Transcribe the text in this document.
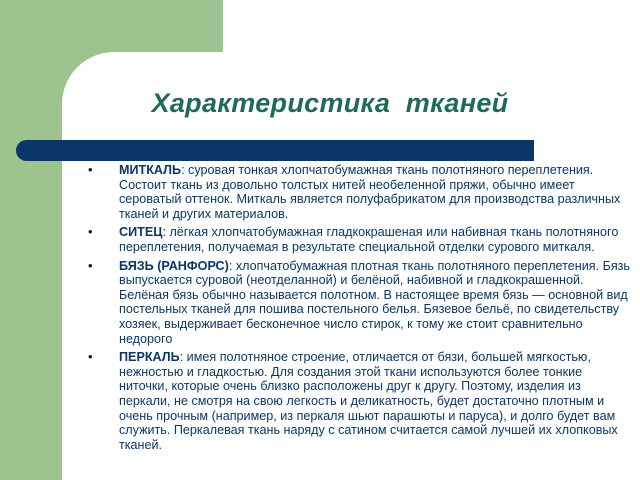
Характеристика  тканей
• МИТКАЛЬ: суровая тонкая хлопчатобумажная ткань полотняного переплетения. Состоит ткань из довольно толстых нитей необеленной пряжи, обычно имеет сероватый оттенок. Миткаль является полуфабрикатом для производства различных тканей и других материалов.
• СИТЕЦ: лёгкая хлопчатобумажная гладкокрашеная или набивная ткань полотняного переплетения, получаемая в результате специальной отделки сурового миткаля.
• БЯЗЬ (РАНФОРС): хлопчатобумажная плотная ткань полотняного переплетения. Бязь выпускается суровой (неотделанной) и белёной, набивной и гладкокрашенной. Белёная бязь обычно называется полотном. В настоящее время бязь — основной вид постельных тканей для пошива постельного белья. Бязевое бельё, по свидетельству хозяек, выдерживает бесконечное число стирок, к тому же стоит сравнительно недорого
• ПЕРКАЛЬ: имея полотняное строение, отличается от бязи, большей мягкостью, нежностью и гладкостью. Для создания этой ткани используются более тонкие ниточки, которые очень близко расположены друг к другу. Поэтому, изделия из перкали, не смотря на свою легкость и деликатность, будет достаточно плотным и очень прочным (например, из перкаля шьют парашюты и паруса), и долго будет вам служить. Перкалевая ткань наряду с сатином считается самой лучшей их хлопковых тканей.
